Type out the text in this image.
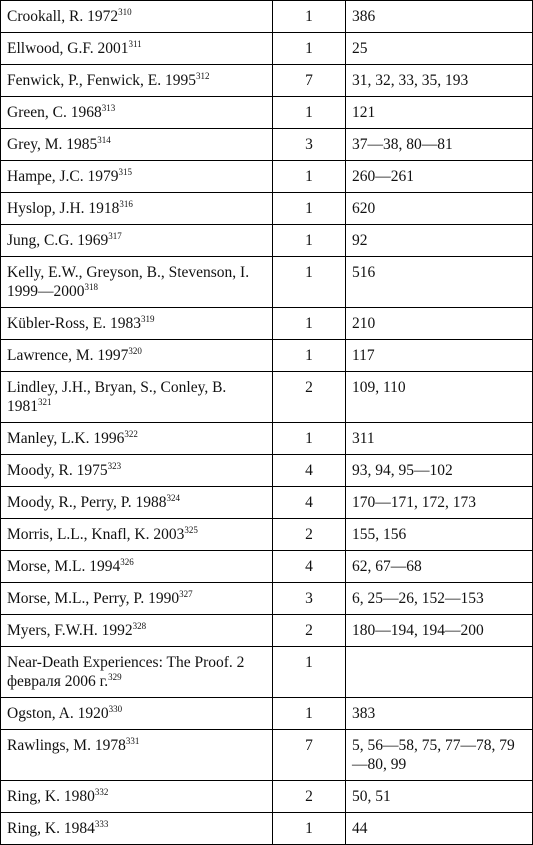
Crookall, R. 1972$^{310}$	1	386
Ellwood, G.F. 2001$^{311}$	1	25
Fenwick, P., Fenwick, E. 1995$^{312}$	7	31, 32, 33, 35, 193
Green, C. 1968$^{313}$	1	121
Grey, M. 1985$^{314}$	3	37—38, 80—81
Hampe, J.C. 1979$^{315}$	1	260—261
Hyslop, J.H. 1918$^{316}$	1	620
Jung, C.G. 1969$^{317}$	1	92
Kelly, E.W., Greyson, B., Stevenson, I. 1999—2000$^{318}$	1	516
Kübler-Ross, E. 1983$^{319}$	1	210
Lawrence, M. 1997$^{320}$	1	117
Lindley, J.H., Bryan, S., Conley, B. 1981$^{321}$	2	109, 110
Manley, L.K. 1996$^{322}$	1	311
Moody, R. 1975$^{323}$	4	93, 94, 95—102
Moody, R., Perry, P. 1988$^{324}$	4	170—171, 172, 173
Morris, L.L., Knafl, K. 2003$^{325}$	2	155, 156
Morse, M.L. 1994$^{326}$	4	62, 67—68
Morse, M.L., Perry, P. 1990$^{327}$	3	6, 25—26, 152—153
Myers, F.W.H. 1992$^{328}$	2	180—194, 194—200
Near-Death Experiences: The Proof. 2 февраля 2006 г.$^{329}$	1	
Ogston, A. 1920$^{330}$	1	383
Rawlings, M. 1978$^{331}$	7	5, 56—58, 75, 77—78, 79—80, 99
Ring, K. 1980$^{332}$	2	50, 51
Ring, K. 1984$^{333}$	1	44
